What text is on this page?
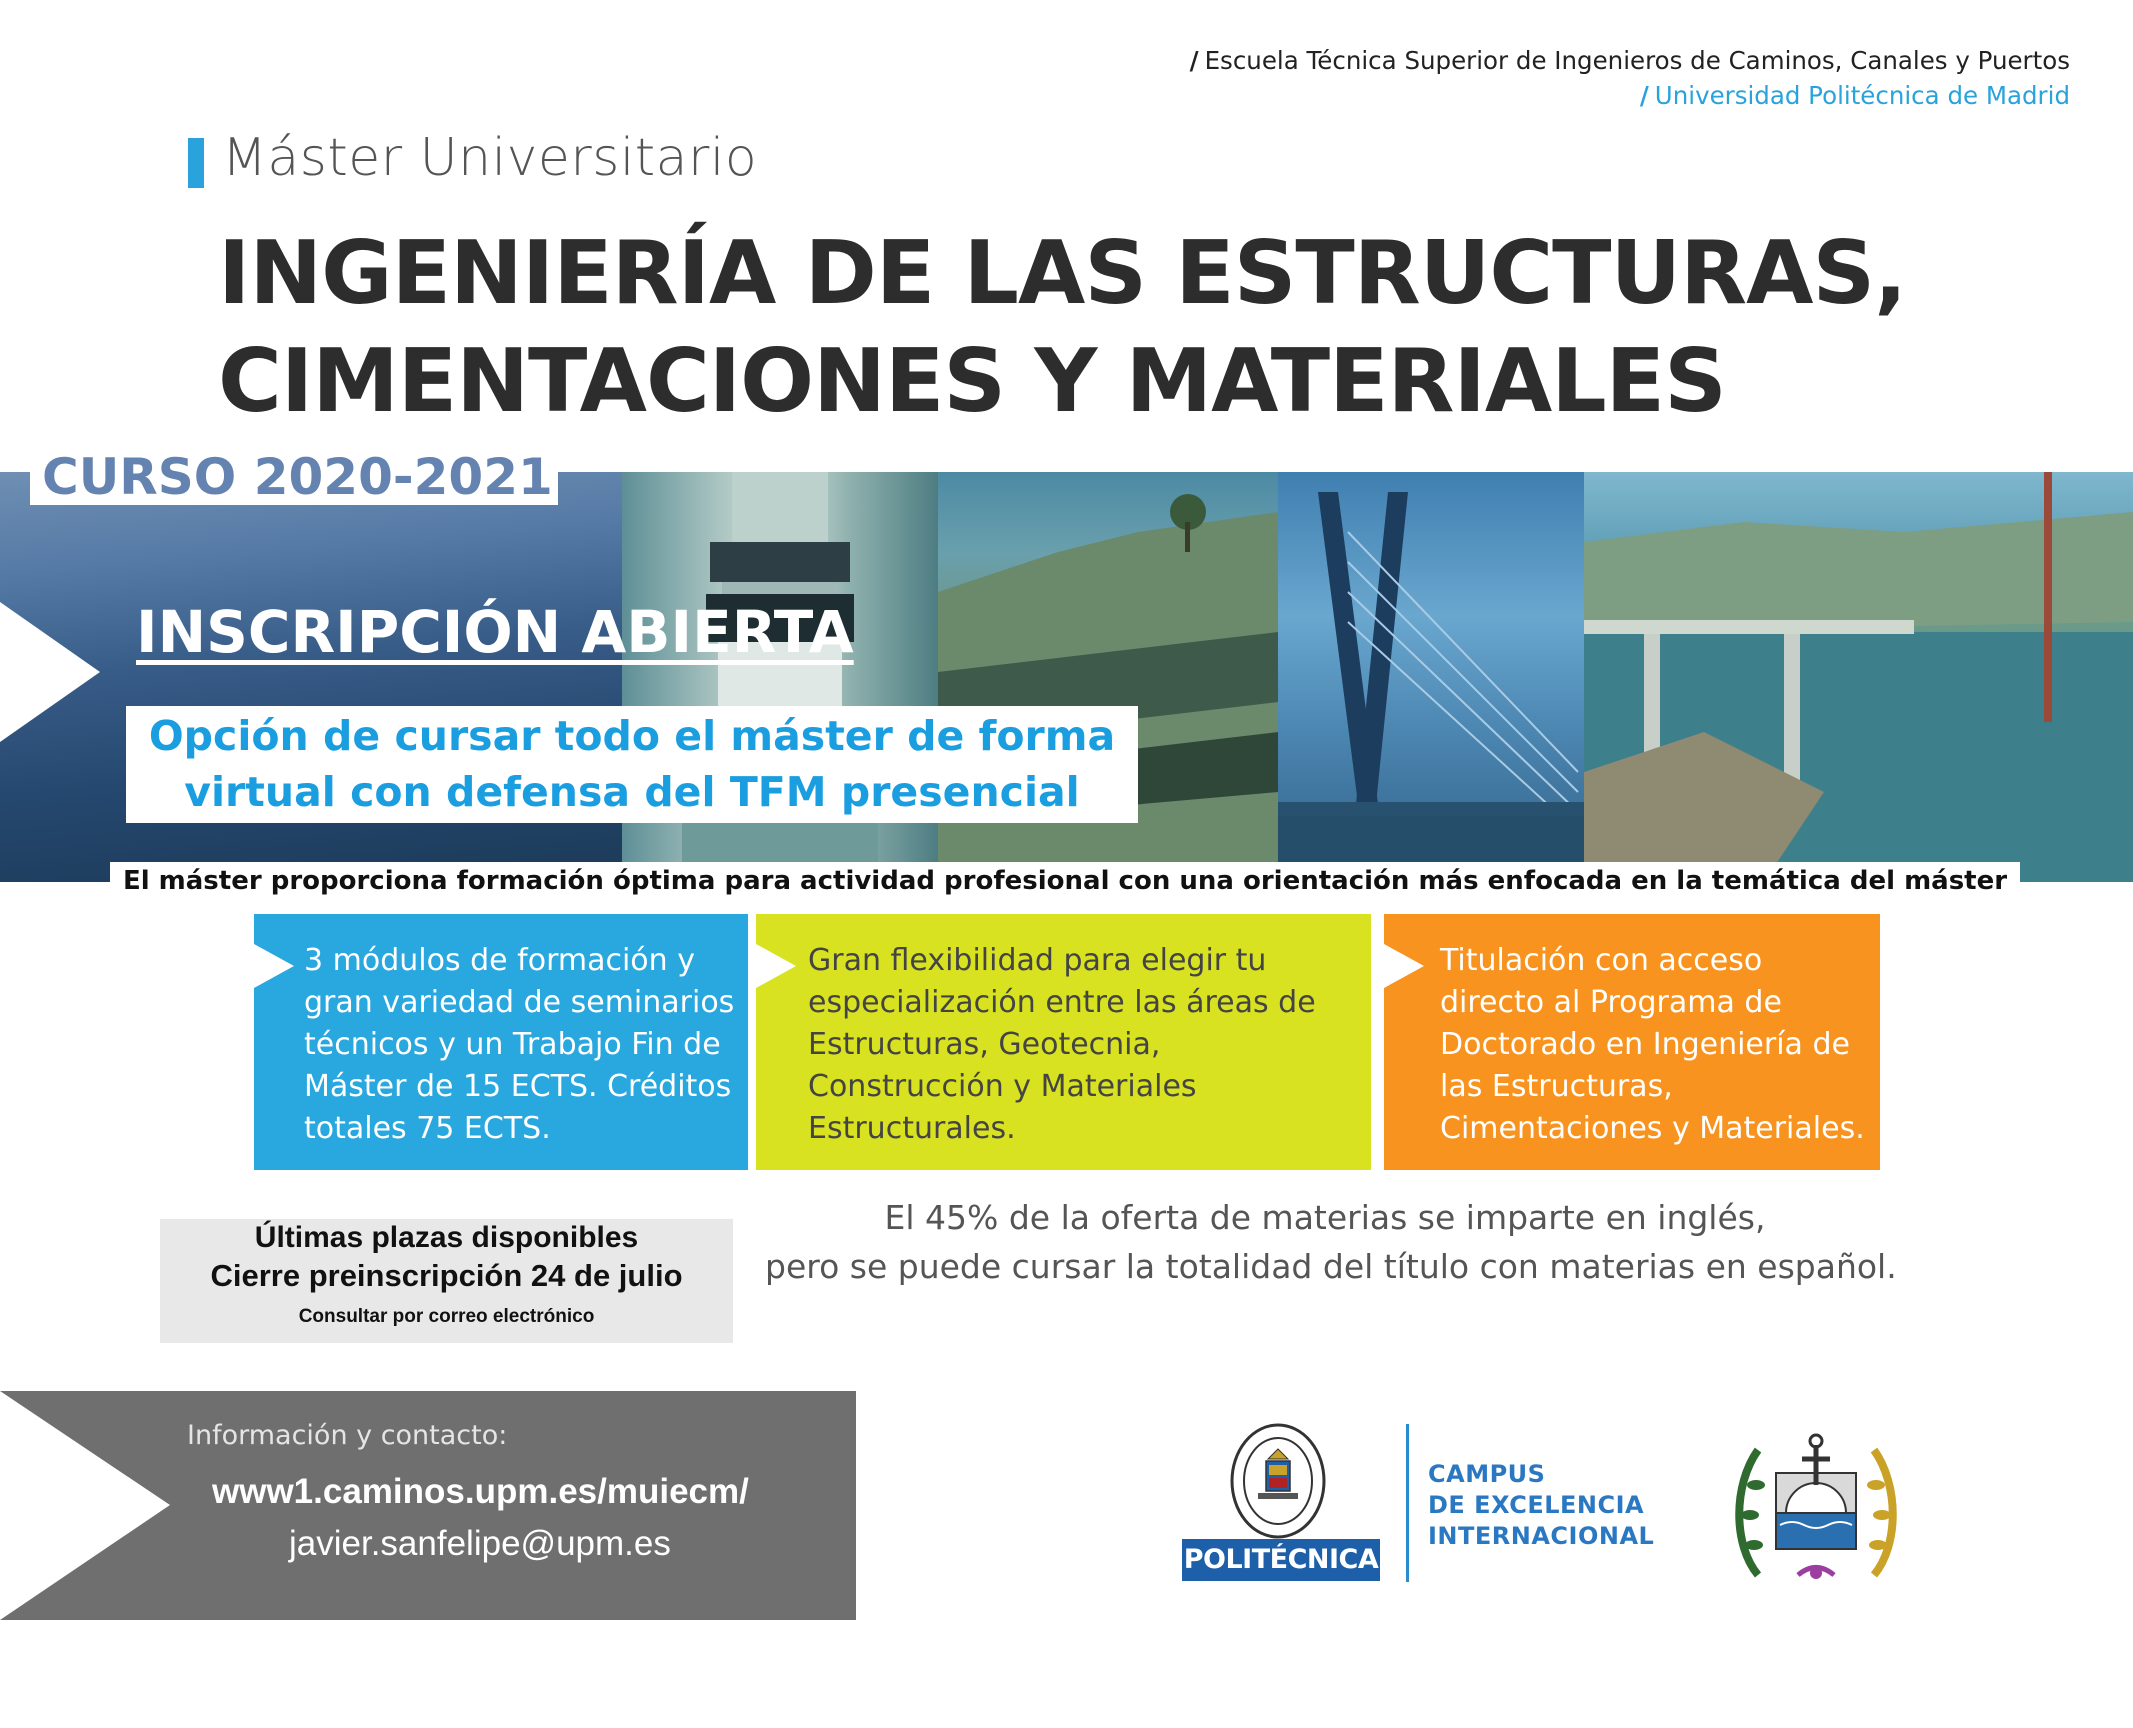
/ Escuela Técnica Superior de Ingenieros de Caminos, Canales y Puertos
/ Universidad Politécnica de Madrid
Máster Universitario
INGENIERÍA DE LAS ESTRUCTURAS,
CIMENTACIONES Y MATERIALES
CURSO 2020-2021
INSCRIPCIÓN ABIERTA
Opción de cursar todo el máster de forma
virtual con defensa del TFM presencial
El máster proporciona formación óptima para actividad profesional con una orientación más enfocada en la temática del máster
3 módulos de formación y gran variedad de seminarios técnicos y un Trabajo Fin de Máster de 15 ECTS. Créditos totales 75 ECTS.
Gran flexibilidad para elegir tu especialización entre las áreas de Estructuras, Geotecnia, Construcción y Materiales Estructurales.
Titulación con acceso directo al Programa de Doctorado en Ingeniería de las Estructuras, Cimentaciones y Materiales.
Últimas plazas disponibles
Cierre preinscripción 24 de julio
Consultar por correo electrónico
El 45% de la oferta de materias se imparte en inglés,
pero se puede cursar la totalidad del título con materias en español.
Información y contacto:
www1.caminos.upm.es/muiecm/
javier.sanfelipe@upm.es	POLITÉCNICA
CAMPUS
DE EXCELENCIA
INTERNACIONAL
